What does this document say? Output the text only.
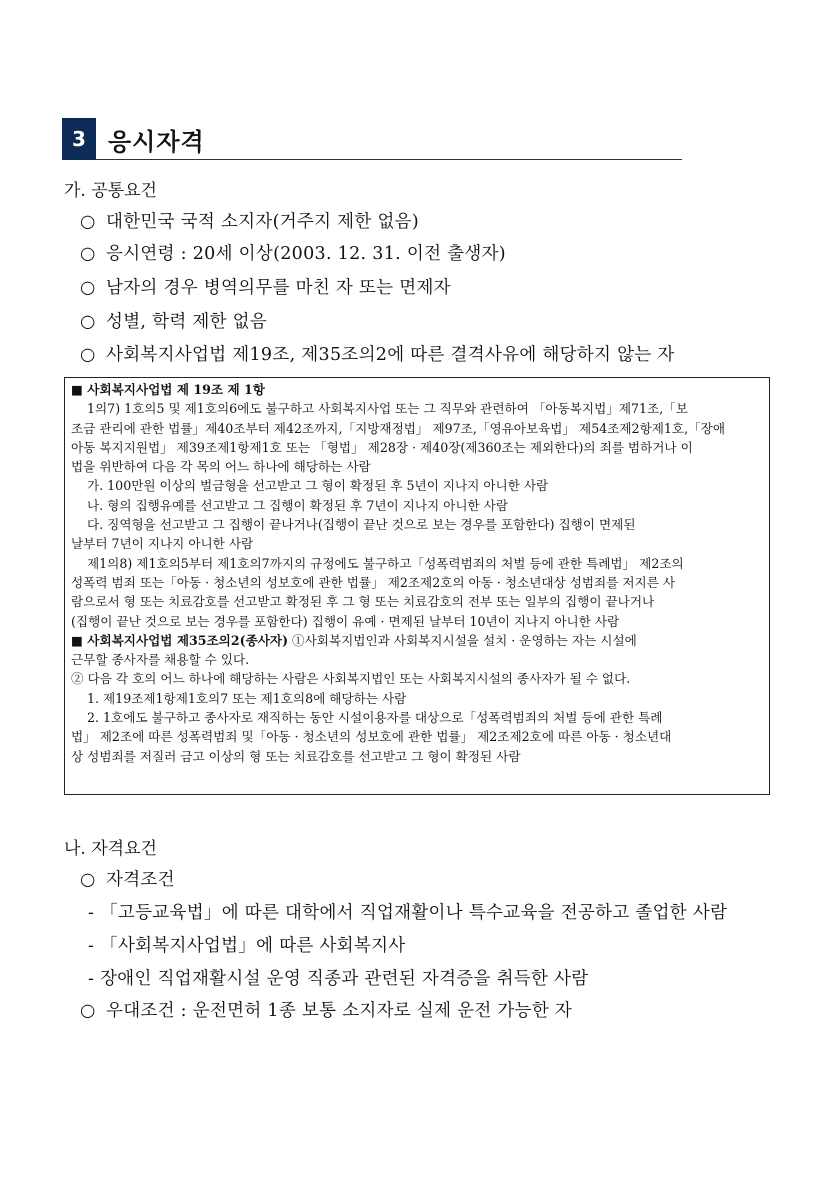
3 응시자격
가. 공통요건
○ 대한민국 국적 소지자(거주지 제한 없음)
○ 응시연령 : 20세 이상(2003. 12. 31. 이전 출생자)
○ 남자의 경우 병역의무를 마친 자 또는 면제자
○ 성별, 학력 제한 없음
○ 사회복지사업법 제19조, 제35조의2에 따른 결격사유에 해당하지 않는 자
■ 사회복지사업법 제 19조 제 1항
1의7) 1호의5 및 제1호의6에도 불구하고 사회복지사업 또는 그 직무와 관련하여 「아동복지법」제71조,「보
조금 관리에 관한 법률」제40조부터 제42조까지,「지방재정법」 제97조,「영유아보육법」 제54조제2항제1호,「장애
아동 복지지원법」 제39조제1항제1호 또는 「형법」 제28장 · 제40장(제360조는 제외한다)의 죄를 범하거나 이
법을 위반하여 다음 각 목의 어느 하나에 해당하는 사람
가. 100만원 이상의 벌금형을 선고받고 그 형이 확정된 후 5년이 지나지 아니한 사람
나. 형의 집행유예를 선고받고 그 집행이 확정된 후 7년이 지나지 아니한 사람
다. 징역형을 선고받고 그 집행이 끝나거나(집행이 끝난 것으로 보는 경우를 포함한다) 집행이 면제된
날부터 7년이 지나지 아니한 사람
제1의8) 제1호의5부터 제1호의7까지의 규정에도 불구하고「성폭력범죄의 처벌 등에 관한 특례법」 제2조의
성폭력 범죄 또는「아동 · 청소년의 성보호에 관한 법률」 제2조제2호의 아동 · 청소년대상 성범죄를 저지른 사
람으로서 형 또는 치료감호를 선고받고 확정된 후 그 형 또는 치료감호의 전부 또는 일부의 집행이 끝나거나
(집행이 끝난 것으로 보는 경우를 포함한다) 집행이 유예 · 면제된 날부터 10년이 지나지 아니한 사람
■ 사회복지사업법 제35조의2(종사자) ①사회복지법인과 사회복지시설을 설치 · 운영하는 자는 시설에
근무할 종사자를 채용할 수 있다.
② 다음 각 호의 어느 하나에 해당하는 사람은 사회복지법인 또는 사회복지시설의 종사자가 될 수 없다.
1. 제19조제1항제1호의7 또는 제1호의8에 해당하는 사람
2. 1호에도 불구하고 종사자로 재직하는 동안 시설이용자를 대상으로「성폭력범죄의 처벌 등에 관한 특례
법」 제2조에 따른 성폭력범죄 및「아동 · 청소년의 성보호에 관한 법률」 제2조제2호에 따른 아동 · 청소년대
상 성범죄를 저질러 금고 이상의 형 또는 치료감호를 선고받고 그 형이 확정된 사람
나. 자격요건
○ 자격조건
- 「고등교육법」에 따른 대학에서 직업재활이나 특수교육을 전공하고 졸업한 사람
- 「사회복지사업법」에 따른 사회복지사
- 장애인 직업재활시설 운영 직종과 관련된 자격증을 취득한 사람
○ 우대조건 : 운전면허 1종 보통 소지자로 실제 운전 가능한 자
